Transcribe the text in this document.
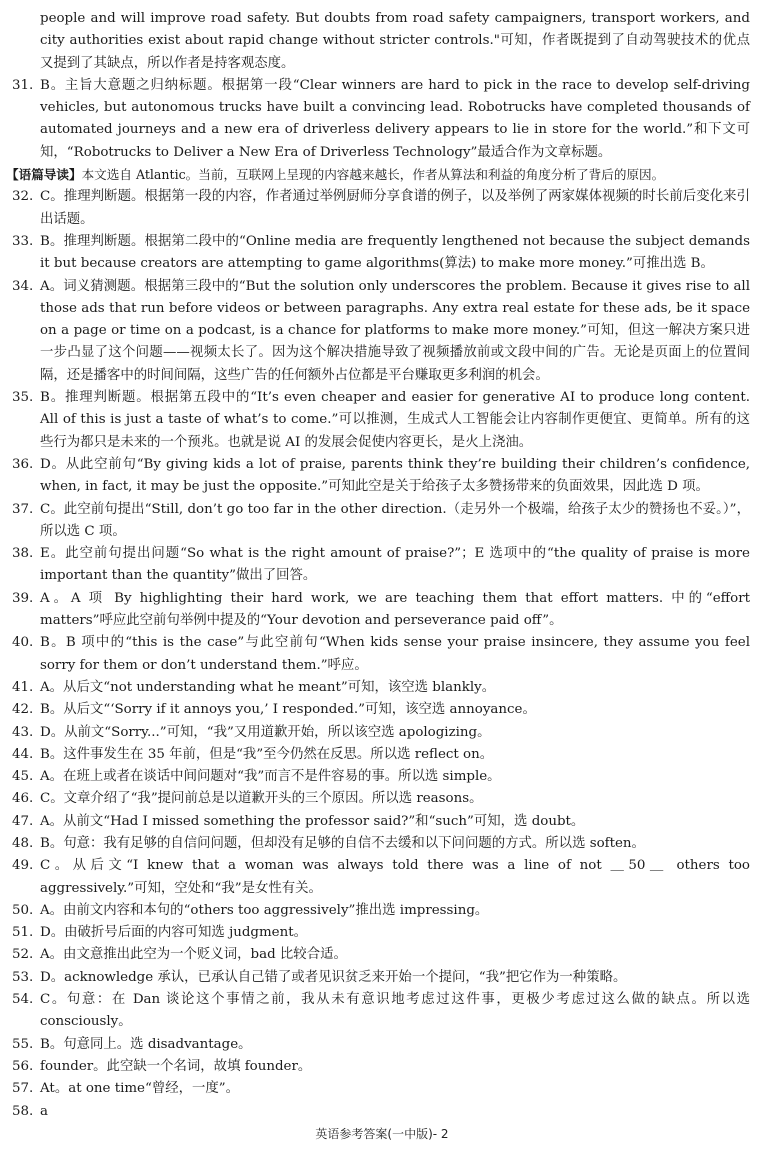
people and will improve road safety. But doubts from road safety campaigners, transport workers, and city authorities exist about rapid change without stricter controls."可知，作者既提到了自动驾驶技术的优点又提到了其缺点，所以作者是持客观态度。

31. B。主旨大意题之归纳标题。根据第一段“Clear winners are hard to pick in the race to develop self-driving vehicles, but autonomous trucks have built a convincing lead. Robotrucks have completed thousands of automated journeys and a new era of driverless delivery appears to lie in store for the world.”和下文可知，“Robotrucks to Deliver a New Era of Driverless Technology”最适合作为文章标题。
【语篇导读】 本文选自 Atlantic。当前，互联网上呈现的内容越来越长，作者从算法和利益的角度分析了背后的原因。
32. C。推理判断题。根据第一段的内容，作者通过举例厨师分享食谱的例子，以及举例了两家媒体视频的时长前后变化来引出话题。
33. B。推理判断题。根据第二段中的“Online media are frequently lengthened not because the subject demands it but because creators are attempting to game algorithms(算法) to make more money.”可推出选 B。
34. A。词义猜测题。根据第三段中的“But the solution only underscores the problem. Because it gives rise to all those ads that run before videos or between paragraphs. Any extra real estate for these ads, be it space on a page or time on a podcast, is a chance for platforms to make more money.”可知，但这一解决方案只进一步凸显了这个问题——视频太长了。因为这个解决措施导致了视频播放前或文段中间的广告。无论是页面上的位置间隔，还是播客中的时间间隔，这些广告的任何额外占位都是平台赚取更多利润的机会。
35. B。推理判断题。根据第五段中的“It’s even cheaper and easier for generative AI to produce long content. All of this is just a taste of what’s to come.”可以推测，生成式人工智能会让内容制作更便宜、更简单。所有的这些行为都只是未来的一个预兆。也就是说 AI 的发展会促使内容更长，是火上浇油。
36. D。从此空前句“By giving kids a lot of praise, parents think they’re building their children’s confidence, when, in fact, it may be just the opposite.”可知此空是关于给孩子太多赞扬带来的负面效果，因此选 D 项。
37. C。此空前句提出“Still, don’t go too far in the other direction.（走另外一个极端，给孩子太少的赞扬也不妥。）”，所以选 C 项。
38. E。此空前句提出问题“So what is the right amount of praise?”；E 选项中的“the quality of praise is more important than the quantity”做出了回答。
39. A。A 项 By highlighting their hard work, we are teaching them that effort matters. 中的“effort matters”呼应此空前句举例中提及的“Your devotion and perseverance paid off”。
40. B。B 项中的“this is the case”与此空前句“When kids sense your praise insincere, they assume you feel sorry for them or don’t understand them.”呼应。
41. A。从后文“not understanding what he meant”可知，该空选 blankly。
42. B。从后文“‘Sorry if it annoys you,’ I responded.”可知，该空选 annoyance。
43. D。从前文“Sorry...”可知，“我”又用道歉开始，所以该空选 apologizing。
44. B。这件事发生在 35 年前，但是“我”至今仍然在反思。所以选 reflect on。
45. A。在班上或者在谈话中间问题对“我”而言不是件容易的事。所以选 simple。
46. C。文章介绍了“我”提问前总是以道歉开头的三个原因。所以选 reasons。
47. A。从前文“Had I missed something the professor said?”和“such”可知，选 doubt。
48. B。句意：我有足够的自信问问题，但却没有足够的自信不去缓和以下问问题的方式。所以选 soften。
49. C。从后文“I knew that a woman was always told there was a line of not ＿50＿ others too aggressively.”可知，空处和“我”是女性有关。
50. A。由前文内容和本句的“others too aggressively”推出选 impressing。
51. D。由破折号后面的内容可知选 judgment。
52. A。由文意推出此空为一个贬义词，bad 比较合适。
53. D。acknowledge 承认，已承认自己错了或者见识贫乏来开始一个提问，“我”把它作为一种策略。
54. C。句意：在 Dan 谈论这个事情之前，我从未有意识地考虑过这件事，更极少考虑过这么做的缺点。所以选 consciously。
55. B。句意同上。选 disadvantage。
56. founder。此空缺一个名词，故填 founder。
57. At。at one time“曾经，一度”。
58. a
英语参考答案(一中版)- 2
